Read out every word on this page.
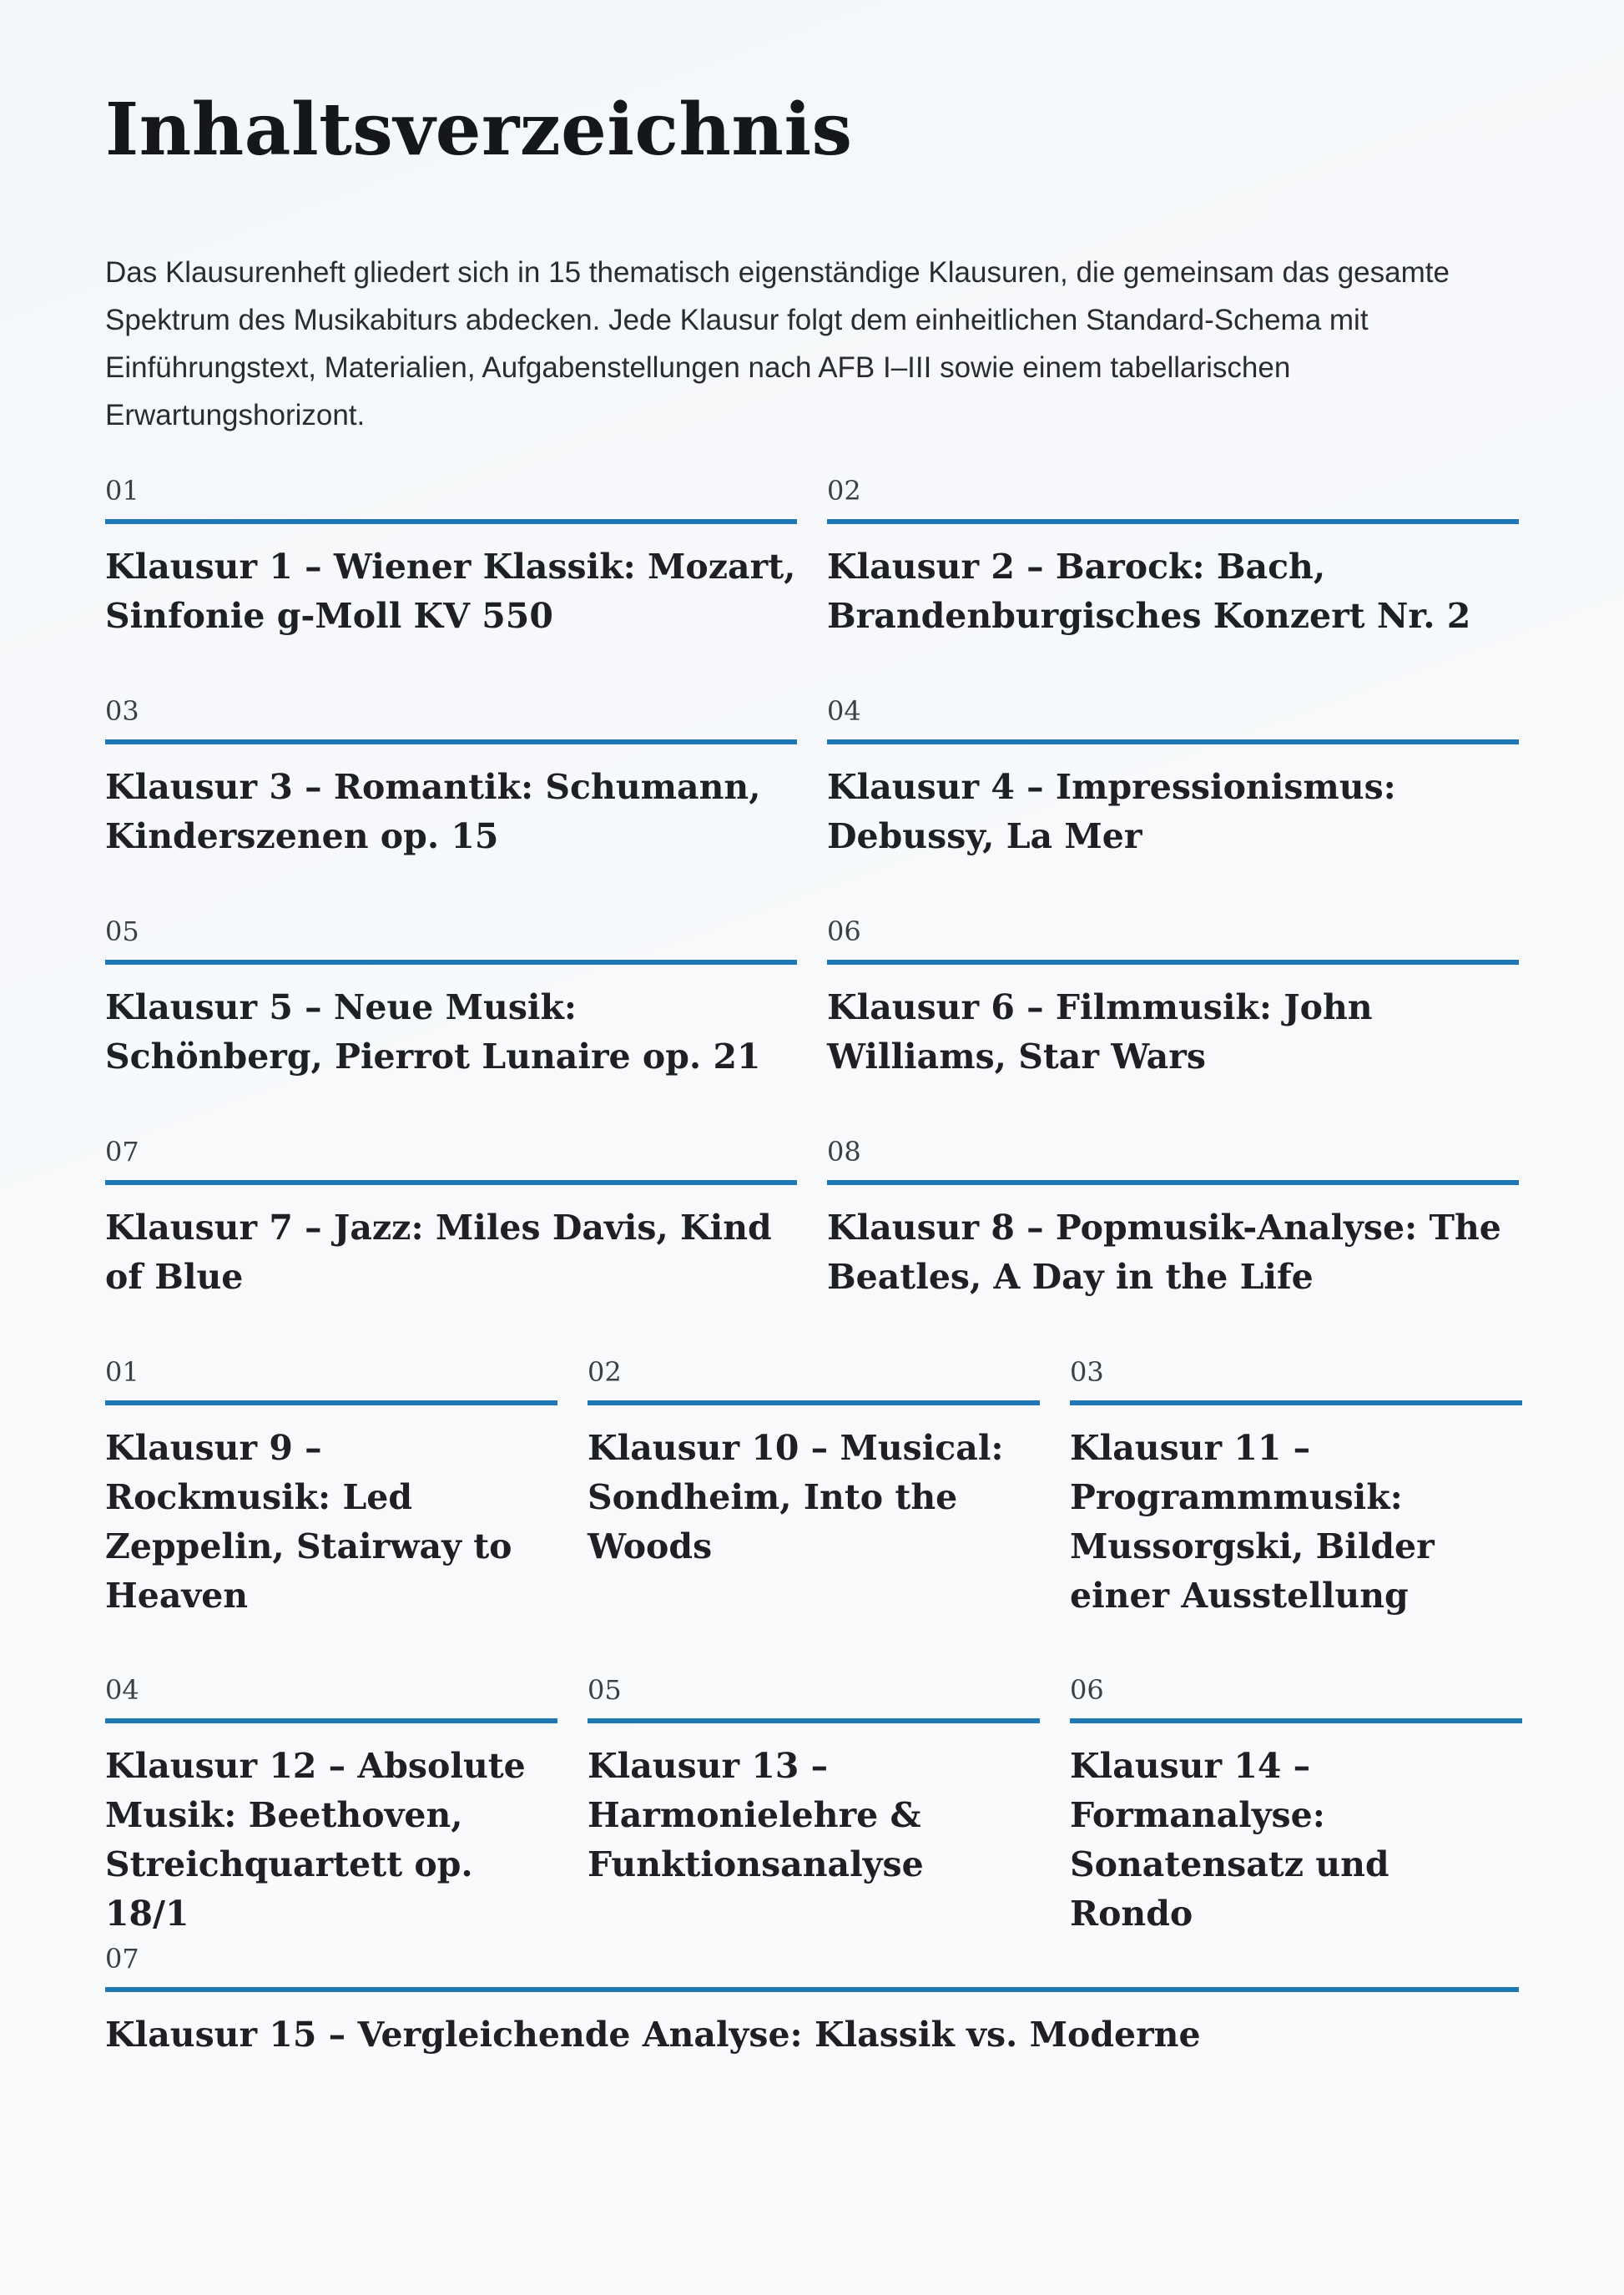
Inhaltsverzeichnis

Das Klausurenheft gliedert sich in 15 thematisch eigenständige Klausuren, die gemeinsam das gesamte Spektrum des Musikabiturs abdecken. Jede Klausur folgt dem einheitlichen Standard-Schema mit Einführungstext, Materialien, Aufgabenstellungen nach AFB I–III sowie einem tabellarischen Erwartungshorizont.

01
Klausur 1 – Wiener Klassik: Mozart, Sinfonie g-Moll KV 550
02
Klausur 2 – Barock: Bach, Brandenburgisches Konzert Nr. 2
03
Klausur 3 – Romantik: Schumann, Kinderszenen op. 15
04
Klausur 4 – Impressionismus: Debussy, La Mer
05
Klausur 5 – Neue Musik: Schönberg, Pierrot Lunaire op. 21
06
Klausur 6 – Filmmusik: John Williams, Star Wars
07
Klausur 7 – Jazz: Miles Davis, Kind of Blue
08
Klausur 8 – Popmusik-Analyse: The Beatles, A Day in the Life
01
Klausur 9 – Rockmusik: Led Zeppelin, Stairway to Heaven
02
Klausur 10 – Musical: Sondheim, Into the Woods
03
Klausur 11 – Programmmusik: Mussorgski, Bilder einer Ausstellung
04
Klausur 12 – Absolute Musik: Beethoven, Streichquartett op. 18/1
05
Klausur 13 – Harmonielehre & Funktionsanalyse
06
Klausur 14 – Formanalyse: Sonatensatz und Rondo
07
Klausur 15 – Vergleichende Analyse: Klassik vs. Moderne
